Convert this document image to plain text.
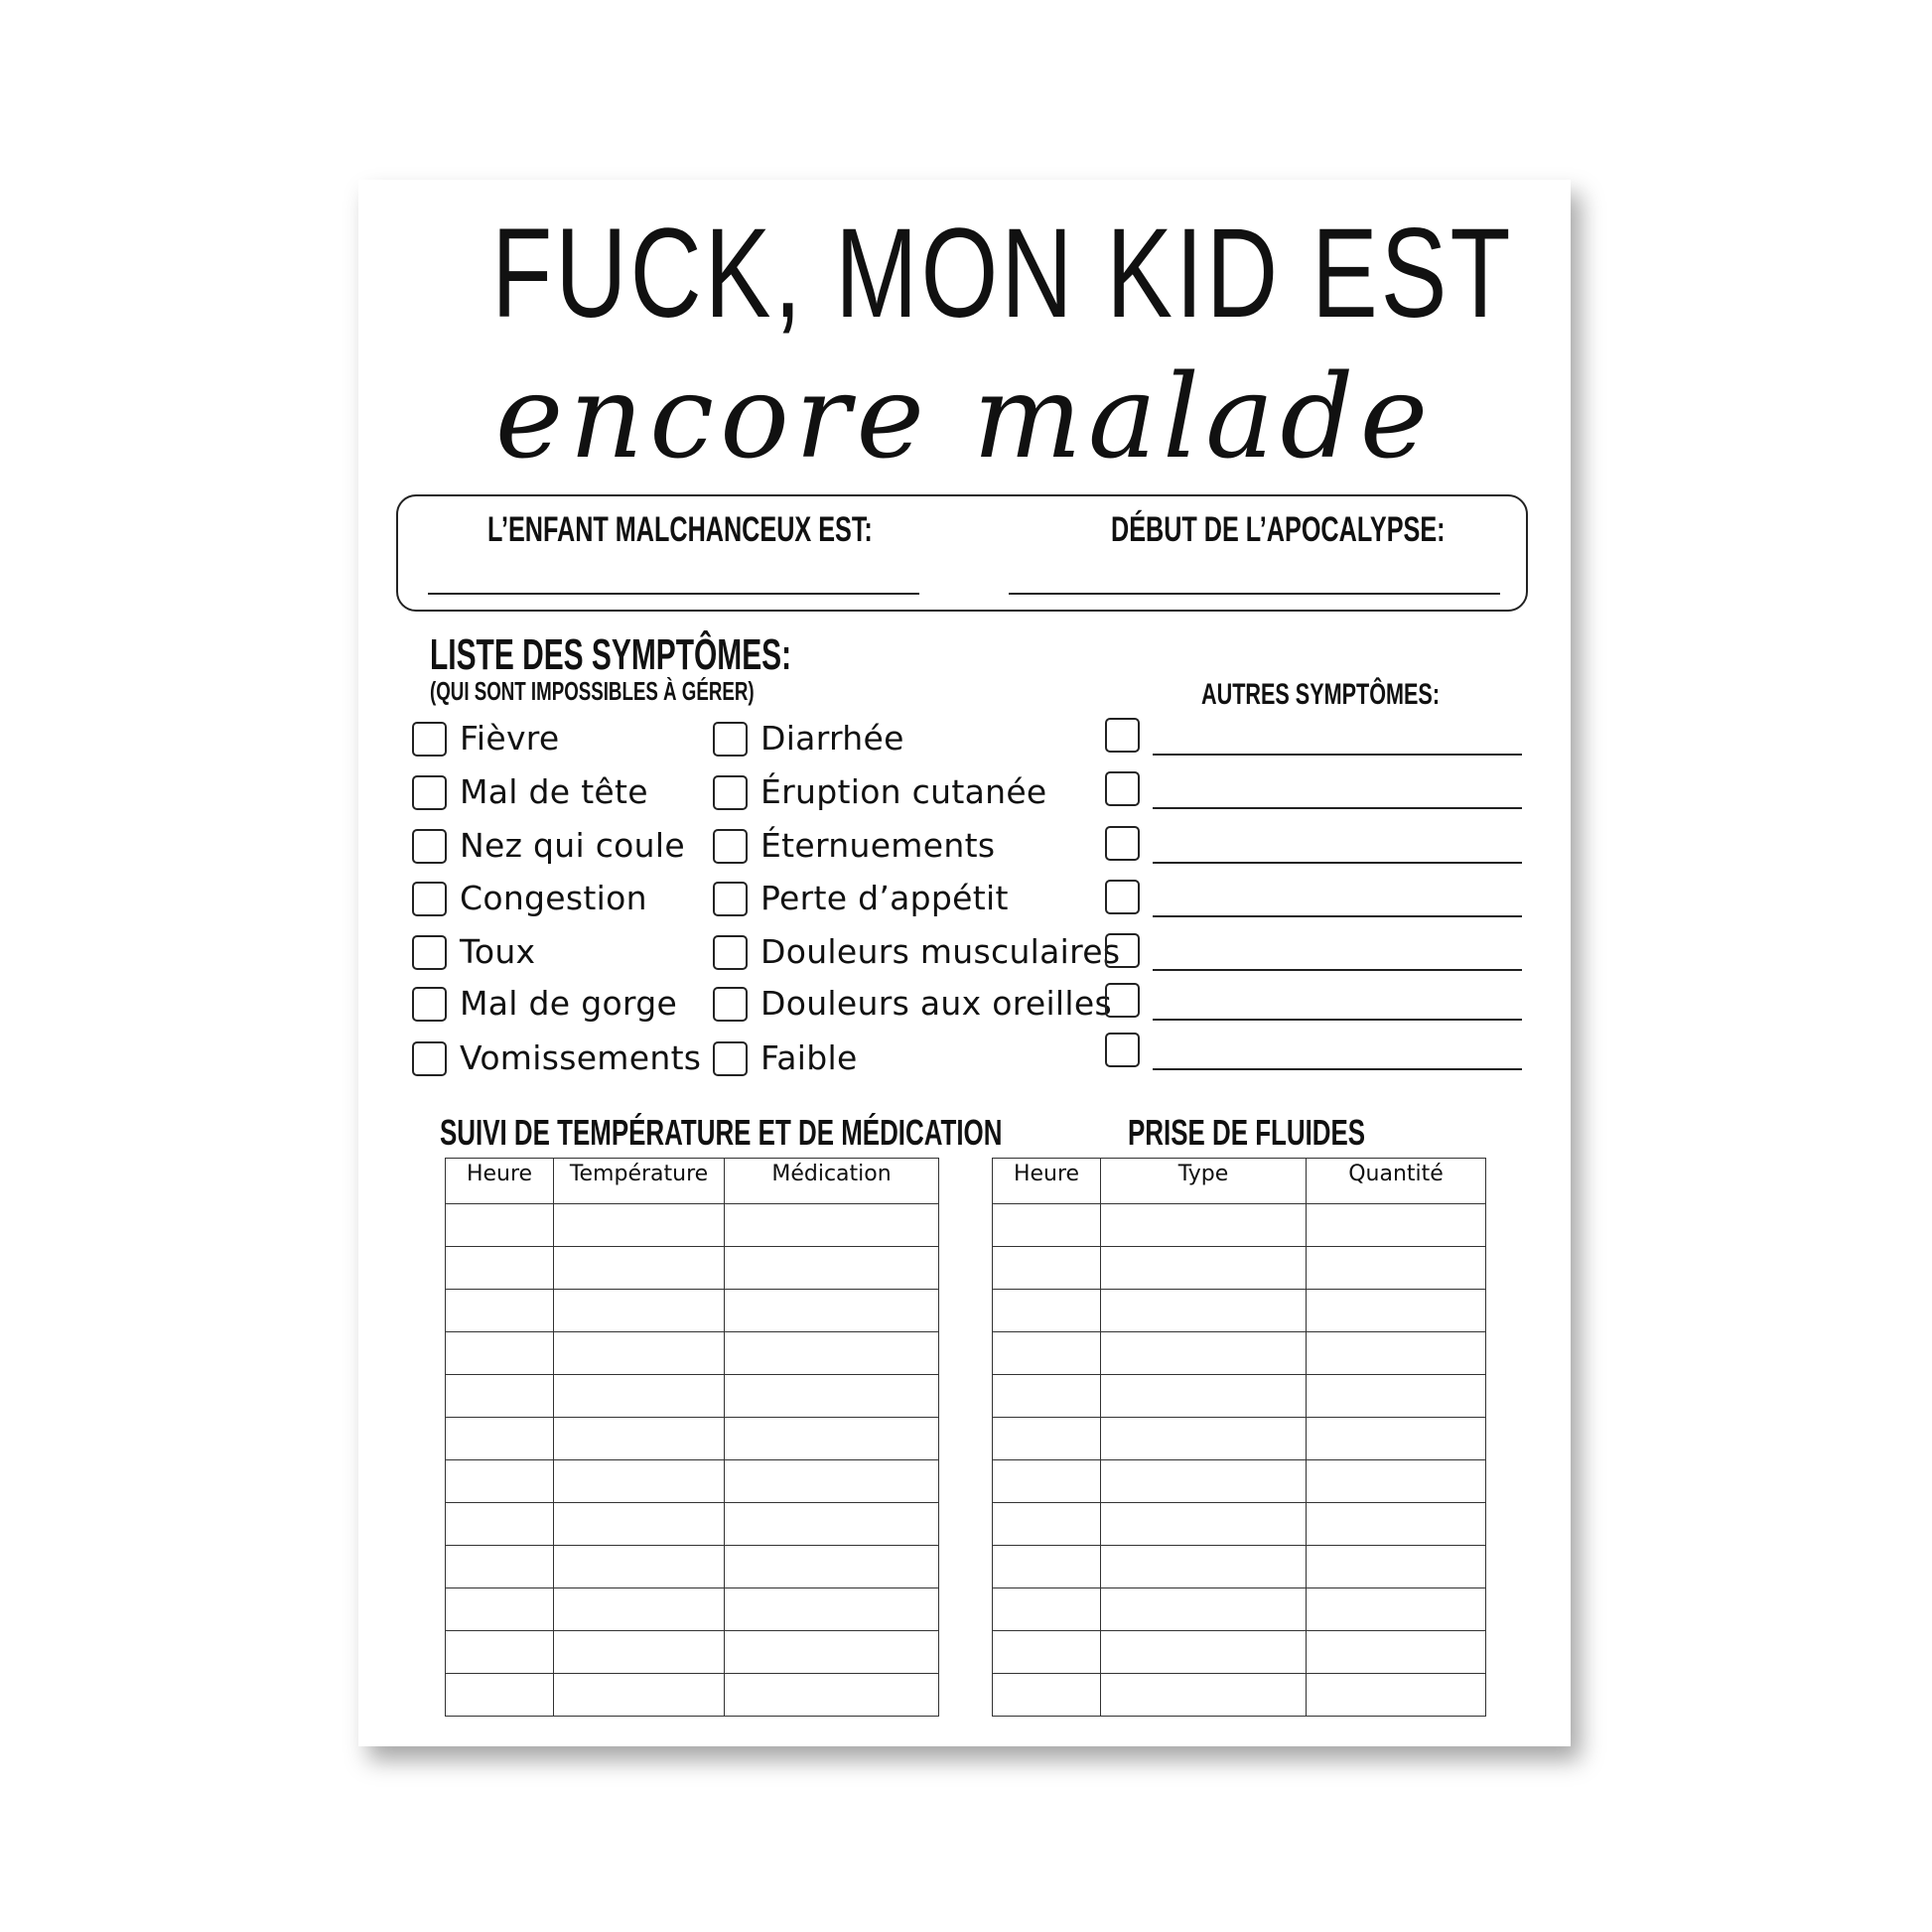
FUCK, MON KID EST
encore malade
L’ENFANT MALCHANCEUX EST:	DÉBUT DE L’APOCALYPSE:
LISTE DES SYMPTÔMES:
(QUI SONT IMPOSSIBLES À GÉRER)	AUTRES SYMPTÔMES:
Fièvre
Mal de tête
Nez qui coule
Congestion
Toux
Mal de gorge
Vomissements
Diarrhée
Éruption cutanée
Éternuements
Perte d’appétit
Douleurs musculaires
Douleurs aux oreilles
Faible
SUIVI DE TEMPÉRATURE ET DE MÉDICATION
Heure	Température	Médication

PRISE DE FLUIDES
Heure	Type	Quantité
